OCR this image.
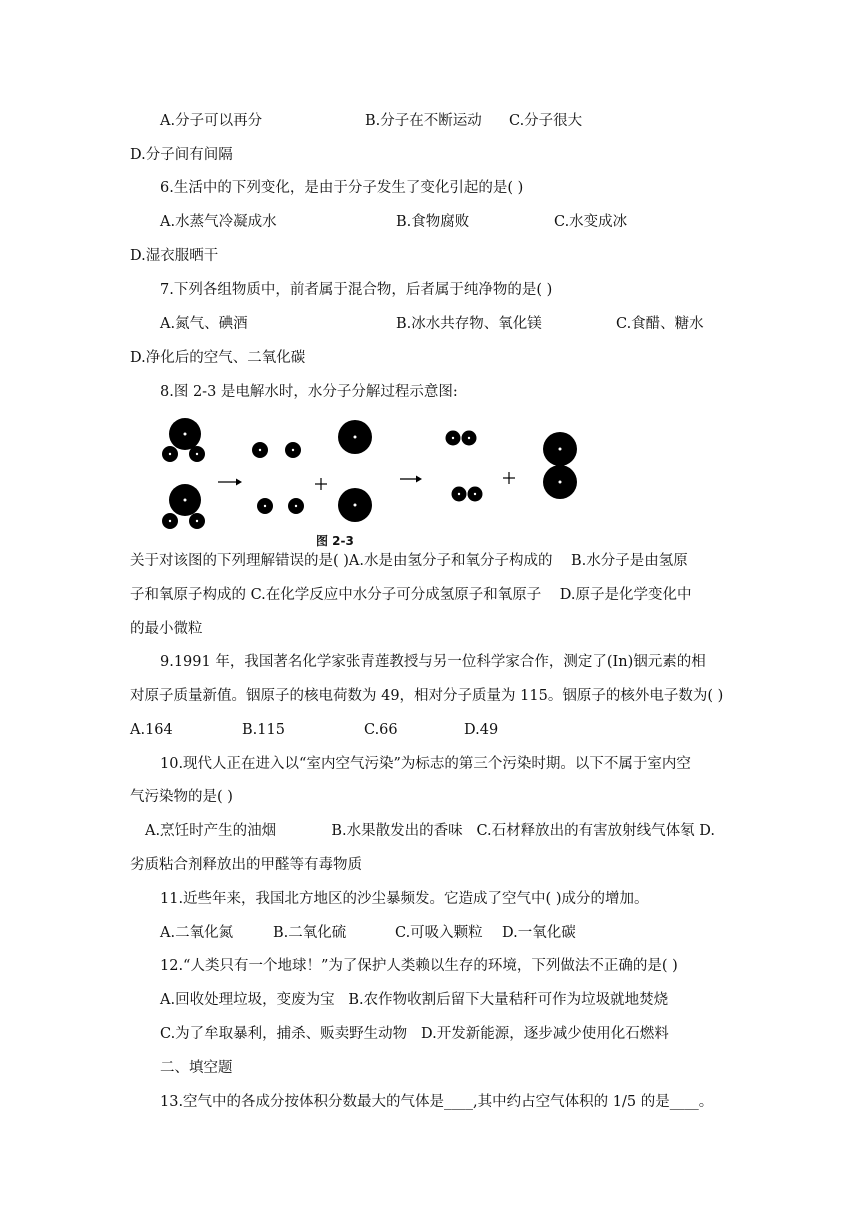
A.分子可以再分	B.分子在不断运动 C.分子很大
D.分子间有间隔
6.生活中的下列变化，是由于分子发生了变化引起的是( )
A.水蒸气冷凝成水	B.食物腐败	C.水变成冰
D.湿衣服晒干
7.下列各组物质中，前者属于混合物，后者属于纯净物的是( )
A.氮气、碘酒	B.冰水共存物、氧化镁	C.食醋、糖水
D.净化后的空气、二氧化碳
8.图 2-3 是电解水时，水分子分解过程示意图:
图 2-3
关于对该图的下列理解错误的是( )A.水是由氢分子和氧分子构成的    B.水分子是由氢原
子和氧原子构成的 C.在化学反应中水分子可分成氢原子和氧原子    D.原子是化学变化中
的最小微粒
9.1991 年，我国著名化学家张青莲教授与另一位科学家合作，测定了(In)铟元素的相
对原子质量新值。铟原子的核电荷数为 49，相对分子质量为 115。铟原子的核外电子数为( )
A.164	B.115	C.66	D.49
10.现代人正在进入以“室内空气污染”为标志的第三个污染时期。以下不属于室内空
气污染物的是( )
A.烹饪时产生的油烟            B.水果散发出的香味   C.石材释放出的有害放射线气体氡 D.
劣质粘合剂释放出的甲醛等有毒物质
11.近些年来，我国北方地区的沙尘暴频发。它造成了空气中( )成分的增加。
A.二氧化氮	B.二氧化硫	C.可吸入颗粒 D.一氧化碳
12.“人类只有一个地球！”为了保护人类赖以生存的环境，下列做法不正确的是( )
A.回收处理垃圾，变废为宝   B.农作物收割后留下大量秸秆可作为垃圾就地焚烧
C.为了牟取暴利，捕杀、贩卖野生动物   D.开发新能源，逐步减少使用化石燃料
二、填空题
13.空气中的各成分按体积分数最大的气体是____,其中约占空气体积的 1/5 的是____。
